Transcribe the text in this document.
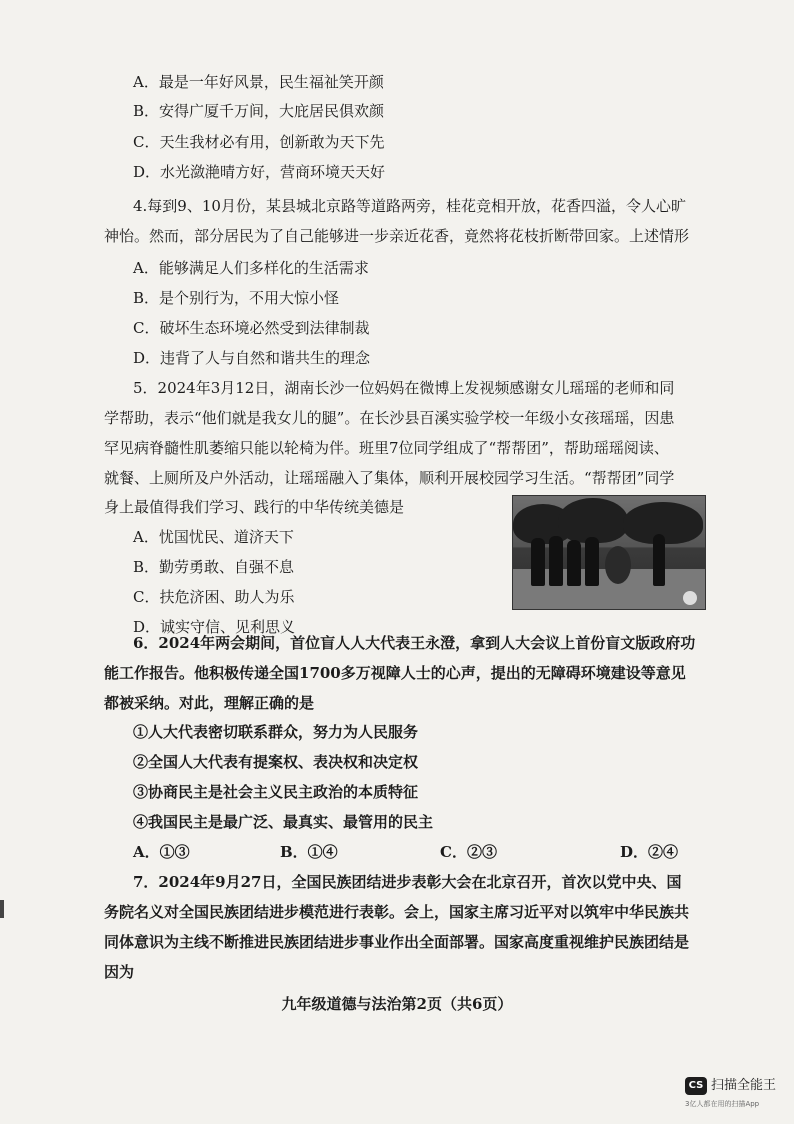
A．最是一年好风景，民生福祉笑开颜
B．安得广厦千万间，大庇居民俱欢颜
C．天生我材必有用，创新敢为天下先
D．水光潋滟晴方好，营商环境天天好
4.每到9、10月份，某县城北京路等道路两旁，桂花竞相开放，花香四溢，令人心旷
神怡。然而，部分居民为了自己能够进一步亲近花香，竟然将花枝折断带回家。上述情形
A．能够满足人们多样化的生活需求
B．是个别行为，不用大惊小怪
C．破坏生态环境必然受到法律制裁
D．违背了人与自然和谐共生的理念
5．2024年3月12日，湖南长沙一位妈妈在微博上发视频感谢女儿瑶瑶的老师和同
学帮助，表示“他们就是我女儿的腿”。在长沙县百溪实验学校一年级小女孩瑶瑶，因患
罕见病脊髓性肌萎缩只能以轮椅为伴。班里7位同学组成了“帮帮团”，帮助瑶瑶阅读、
就餐、上厕所及户外活动，让瑶瑶融入了集体，顺利开展校园学习生活。“帮帮团”同学
身上最值得我们学习、践行的中华传统美德是
A．忧国忧民、道济天下
B．勤劳勇敢、自强不息
C．扶危济困、助人为乐
D．诚实守信、见利思义
6．2024年两会期间，首位盲人人大代表王永澄，拿到人大会议上首份盲文版政府功
能工作报告。他积极传递全国1700多万视障人士的心声，提出的无障碍环境建设等意见
都被采纳。对此，理解正确的是
①人大代表密切联系群众，努力为人民服务
②全国人大代表有提案权、表决权和决定权
③协商民主是社会主义民主政治的本质特征
④我国民主是最广泛、最真实、最管用的民主
A．①③	B．①④	C．②③	D．②④
7．2024年9月27日，全国民族团结进步表彰大会在北京召开，首次以党中央、国
务院名义对全国民族团结进步模范进行表彰。会上，国家主席习近平对以筑牢中华民族共
同体意识为主线不断推进民族团结进步事业作出全面部署。国家高度重视维护民族团结是
因为
九年级道德与法治第2页（共6页）
CS 扫描全能王
3亿人都在用的扫描App
